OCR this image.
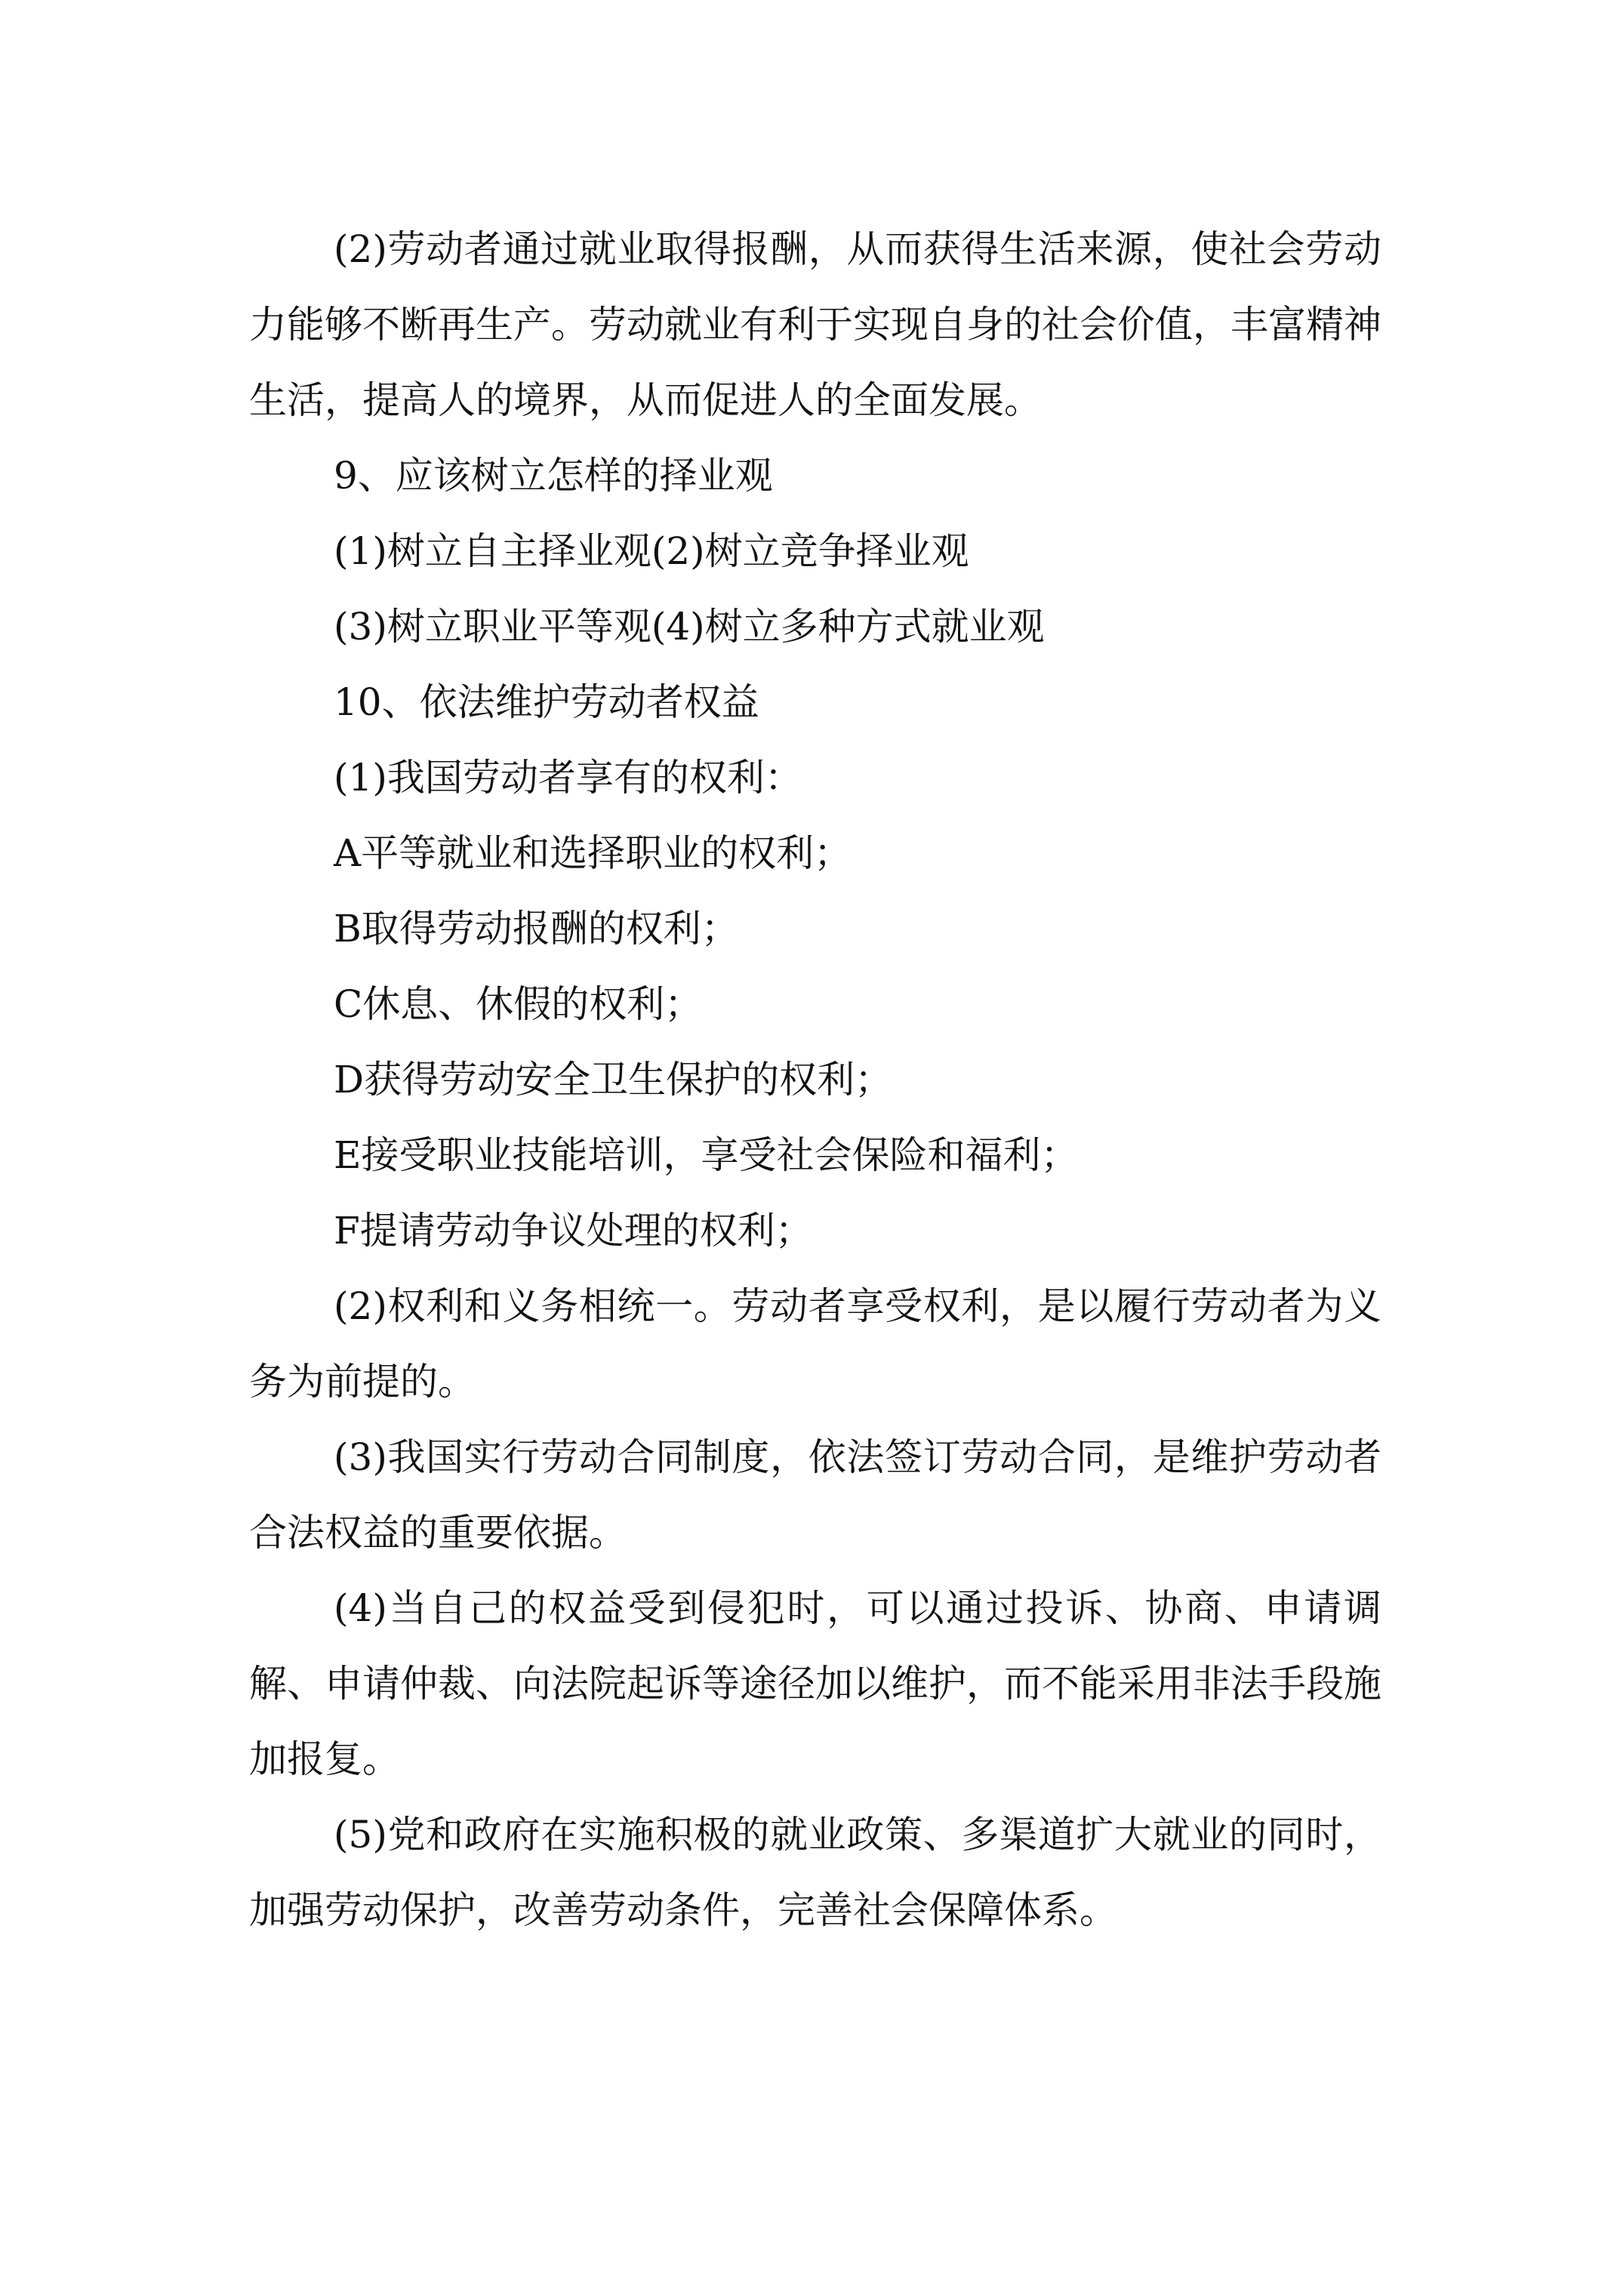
(2)劳动者通过就业取得报酬，从而获得生活来源，使社会劳动力能够不断再生产。劳动就业有利于实现自身的社会价值，丰富精神生活，提高人的境界，从而促进人的全面发展。

9、应该树立怎样的择业观

(1)树立自主择业观(2)树立竞争择业观

(3)树立职业平等观(4)树立多种方式就业观

10、依法维护劳动者权益

(1)我国劳动者享有的权利：

A平等就业和选择职业的权利；

B取得劳动报酬的权利；

C休息、休假的权利；

D获得劳动安全卫生保护的权利；

E接受职业技能培训，享受社会保险和福利；

F提请劳动争议处理的权利；

(2)权利和义务相统一。劳动者享受权利，是以履行劳动者为义务为前提的。

(3)我国实行劳动合同制度，依法签订劳动合同，是维护劳动者合法权益的重要依据。

(4)当自己的权益受到侵犯时，可以通过投诉、协商、申请调解、申请仲裁、向法院起诉等途径加以维护，而不能采用非法手段施加报复。

(5)党和政府在实施积极的就业政策、多渠道扩大就业的同时，加强劳动保护，改善劳动条件，完善社会保障体系。
